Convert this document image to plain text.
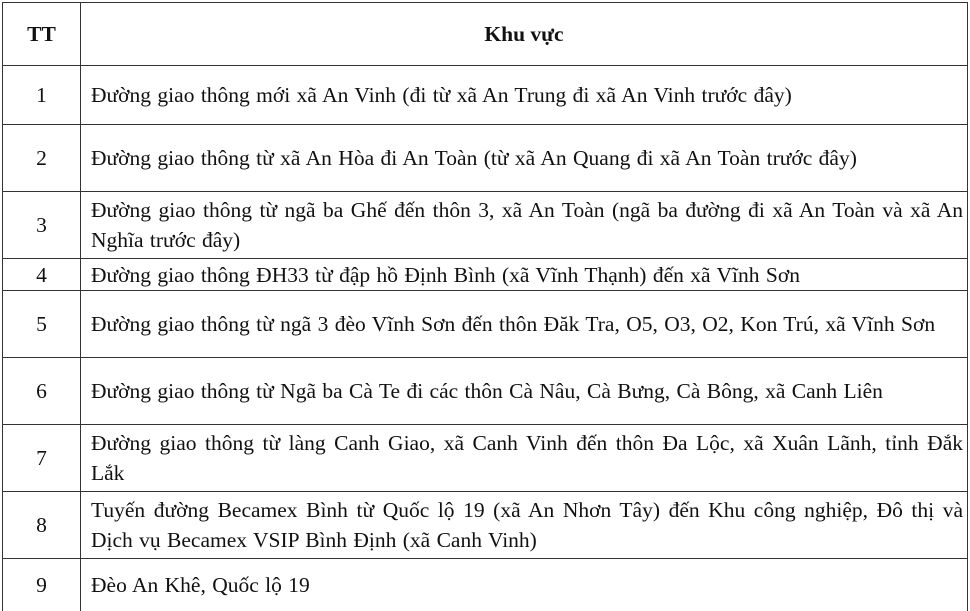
TT	Khu vực
1	Đường giao thông mới xã An Vinh (đi từ xã An Trung đi xã An Vinh trước đây)
2	Đường giao thông từ xã An Hòa đi An Toàn (từ xã An Quang đi xã An Toàn trước đây)
3	Đường giao thông từ ngã ba Ghế đến thôn 3, xã An Toàn (ngã ba đường đi xã An Toàn và xã An Nghĩa trước đây)
4	Đường giao thông ĐH33 từ đập hồ Định Bình (xã Vĩnh Thạnh) đến xã Vĩnh Sơn
5	Đường giao thông từ ngã 3 đèo Vĩnh Sơn đến thôn Đăk Tra, O5, O3, O2, Kon Trú, xã Vĩnh Sơn
6	Đường giao thông từ Ngã ba Cà Te đi các thôn Cà Nâu, Cà Bưng, Cà Bông, xã Canh Liên
7	Đường giao thông từ làng Canh Giao, xã Canh Vinh đến thôn Đa Lộc, xã Xuân Lãnh, tỉnh Đắk Lắk
8	Tuyến đường Becamex Bình từ Quốc lộ 19 (xã An Nhơn Tây) đến Khu công nghiệp, Đô thị và Dịch vụ Becamex VSIP Bình Định (xã Canh Vinh)
9	Đèo An Khê, Quốc lộ 19
